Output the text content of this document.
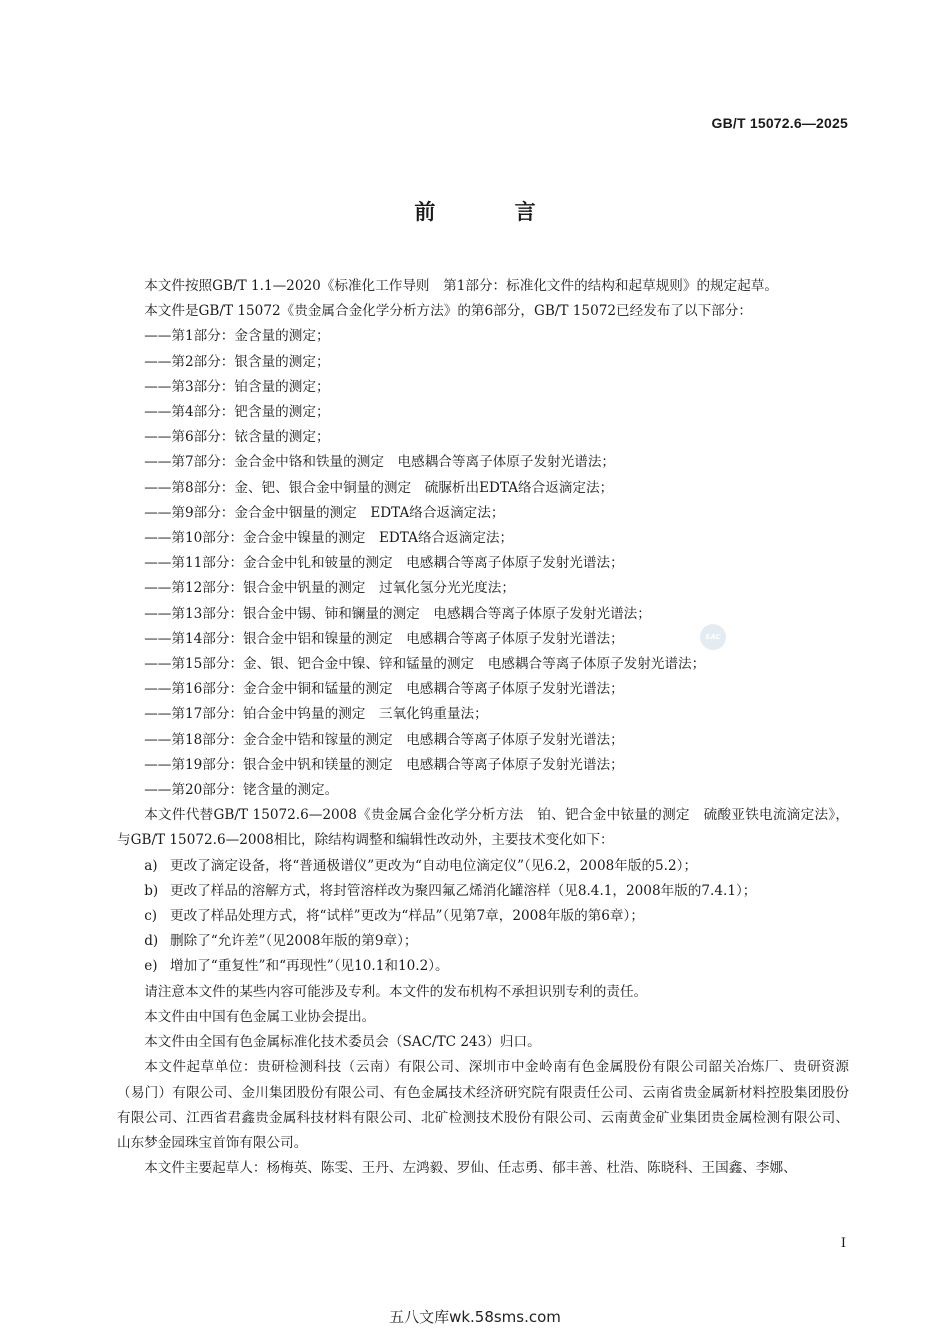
GB/T 15072.6—2025
前 言
SAC

本文件按照GB/T 1.1—2020《标准化工作导则　第1部分：标准化文件的结构和起草规则》的规定起草。

本文件是GB/T 15072《贵金属合金化学分析方法》的第6部分，GB/T 15072已经发布了以下部分：

——第1部分：金含量的测定；

——第2部分：银含量的测定；

——第3部分：铂含量的测定；

——第4部分：钯含量的测定；

——第6部分：铱含量的测定；

——第7部分：金合金中铬和铁量的测定　电感耦合等离子体原子发射光谱法；

——第8部分：金、钯、银合金中铜量的测定　硫脲析出EDTA络合返滴定法；

——第9部分：金合金中铟量的测定　EDTA络合返滴定法；

——第10部分：金合金中镍量的测定　EDTA络合返滴定法；

——第11部分：金合金中钆和铍量的测定　电感耦合等离子体原子发射光谱法；

——第12部分：银合金中钒量的测定　过氧化氢分光光度法；

——第13部分：银合金中锡、铈和镧量的测定　电感耦合等离子体原子发射光谱法；

——第14部分：银合金中铝和镍量的测定　电感耦合等离子体原子发射光谱法；

——第15部分：金、银、钯合金中镍、锌和锰量的测定　电感耦合等离子体原子发射光谱法；

——第16部分：金合金中铜和锰量的测定　电感耦合等离子体原子发射光谱法；

——第17部分：铂合金中钨量的测定　三氧化钨重量法；

——第18部分：金合金中锆和镓量的测定　电感耦合等离子体原子发射光谱法；

——第19部分：银合金中钒和镁量的测定　电感耦合等离子体原子发射光谱法；

——第20部分：铑含量的测定。

本文件代替GB/T 15072.6—2008《贵金属合金化学分析方法　铂、钯合金中铱量的测定　硫酸亚铁电流滴定法》，与GB/T 15072.6—2008相比，除结构调整和编辑性改动外，主要技术变化如下：

a) 更改了滴定设备，将“普通极谱仪”更改为“自动电位滴定仪”（见6.2，2008年版的5.2）；

b) 更改了样品的溶解方式，将封管溶样改为聚四氟乙烯消化罐溶样（见8.4.1，2008年版的7.4.1）；

c) 更改了样品处理方式，将“试样”更改为“样品”（见第7章，2008年版的第6章）；

d) 删除了“允许差”（见2008年版的第9章）；

e) 增加了“重复性”和“再现性”（见10.1和10.2）。

请注意本文件的某些内容可能涉及专利。本文件的发布机构不承担识别专利的责任。

本文件由中国有色金属工业协会提出。

本文件由全国有色金属标准化技术委员会（SAC/TC 243）归口。

本文件起草单位：贵研检测科技（云南）有限公司、深圳市中金岭南有色金属股份有限公司韶关冶炼厂、贵研资源（易门）有限公司、金川集团股份有限公司、有色金属技术经济研究院有限责任公司、云南省贵金属新材料控股集团股份有限公司、江西省君鑫贵金属科技材料有限公司、北矿检测技术股份有限公司、云南黄金矿业集团贵金属检测有限公司、山东梦金园珠宝首饰有限公司。

本文件主要起草人：杨梅英、陈雯、王丹、左鸿毅、罗仙、任志勇、郁丰善、杜浩、陈晓科、王国鑫、李娜、

I
五八文库wk.58sms.com
